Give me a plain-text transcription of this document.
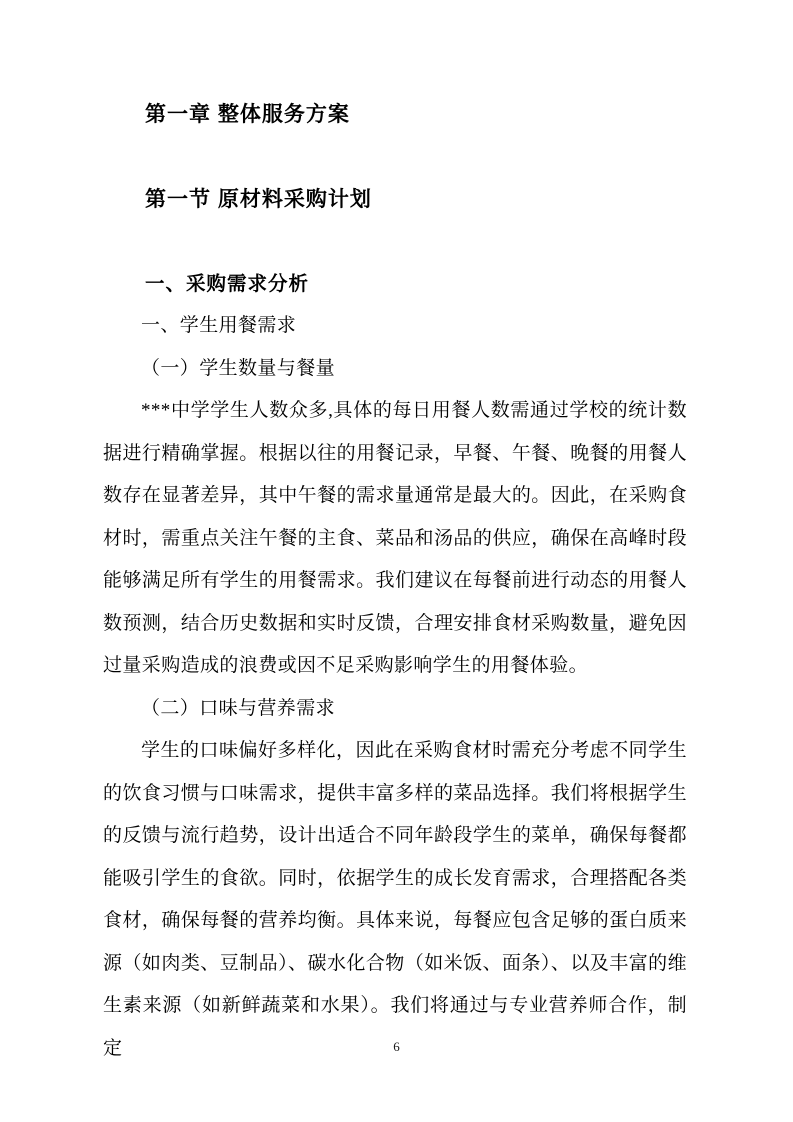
第一章 整体服务方案
第一节 原材料采购计划
一、采购需求分析

一、学生用餐需求

（一）学生数量与餐量

***中学学生人数众多,具体的每日用餐人数需通过学校的统计数据进行精确掌握。根据以往的用餐记录，早餐、午餐、晚餐的用餐人数存在显著差异，其中午餐的需求量通常是最大的。因此，在采购食材时，需重点关注午餐的主食、菜品和汤品的供应，确保在高峰时段能够满足所有学生的用餐需求。我们建议在每餐前进行动态的用餐人数预测，结合历史数据和实时反馈，合理安排食材采购数量，避免因过量采购造成的浪费或因不足采购影响学生的用餐体验。

（二）口味与营养需求

学生的口味偏好多样化，因此在采购食材时需充分考虑不同学生的饮食习惯与口味需求，提供丰富多样的菜品选择。我们将根据学生的反馈与流行趋势，设计出适合不同年龄段学生的菜单，确保每餐都能吸引学生的食欲。同时，依据学生的成长发育需求，合理搭配各类食材，确保每餐的营养均衡。具体来说，每餐应包含足够的蛋白质来源（如肉类、豆制品）、碳水化合物（如米饭、面条）、以及丰富的维生素来源（如新鲜蔬菜和水果）。我们将通过与专业营养师合作，制定	6
